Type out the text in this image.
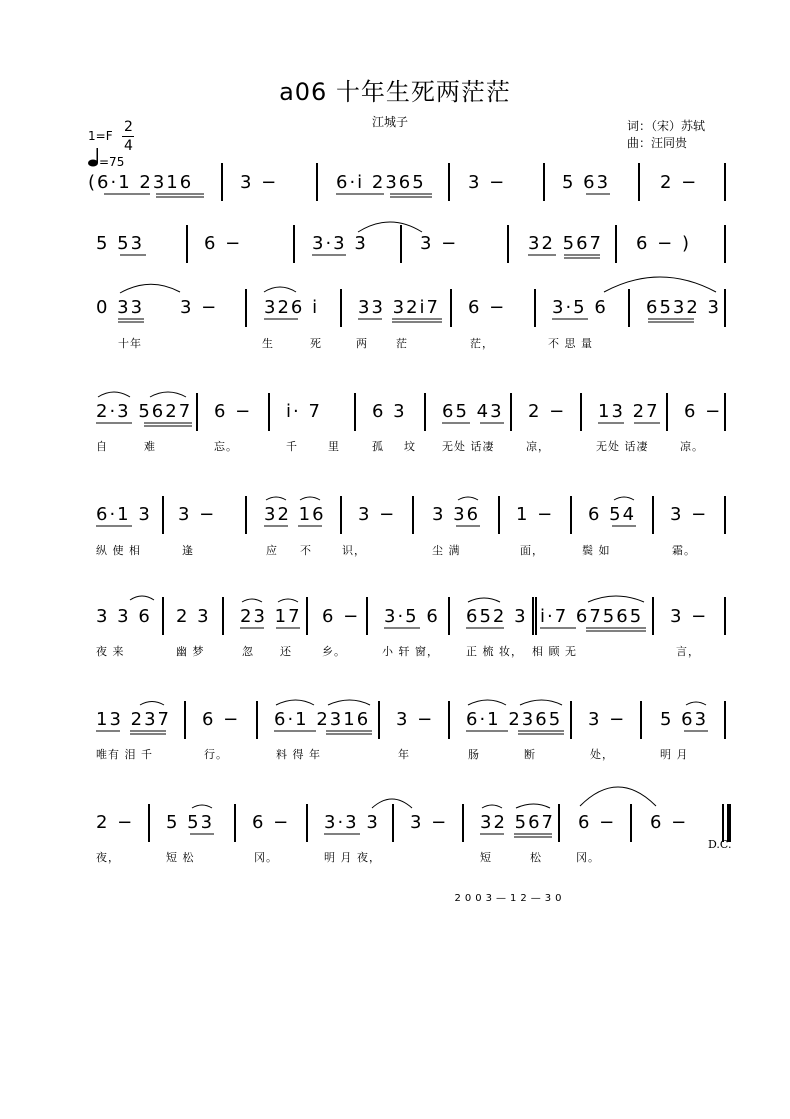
a06 十年生死两茫茫
江城子	词：（宋）苏轼
曲：汪同贵
1=F
2
4
=75
(6·1 2316	3 −	6·i 2365 3 −	5 63	2 −
5 53	6 −	3·3 3	3 −	32 567 6 − )
0 33 3 −	326 i 33 32i7 6 −	3·5 6 6532 3
十年	生	死	两	茫	茫，	不 思 量
2·3 5627 6 − i· 7	6 3 65 43 2 − 13 27 6 −
自	难	忘。	千	里	孤 坟 无处 话凄	凉，	无处 话凄	凉。
6·1 3 3 −	32 16 3 − 3 36 1 − 6 54 3 −
纵 使 相	逢	应 不	识，	尘 满	面，	鬓 如	霜。
3 3 6 2 3 23 17 6 − 3·5 6 652 3 i·7 67565 3 −
夜 来	幽 梦	忽 还	乡。	小 轩 窗， 正 梳 妆， 相 顾 无	言，
13 237 6 − 6·1 2316 3 − 6·1 2365 3 − 5 63
唯有 泪 千	行。	料 得 年	年	肠	断	处，	明 月
2 − 5 53 6 − 3·3 3 3 − 32 567 6 − 6 −
夜，	短 松	冈。	明 月 夜，	短	松	冈。
D.C.
2003—12—30
